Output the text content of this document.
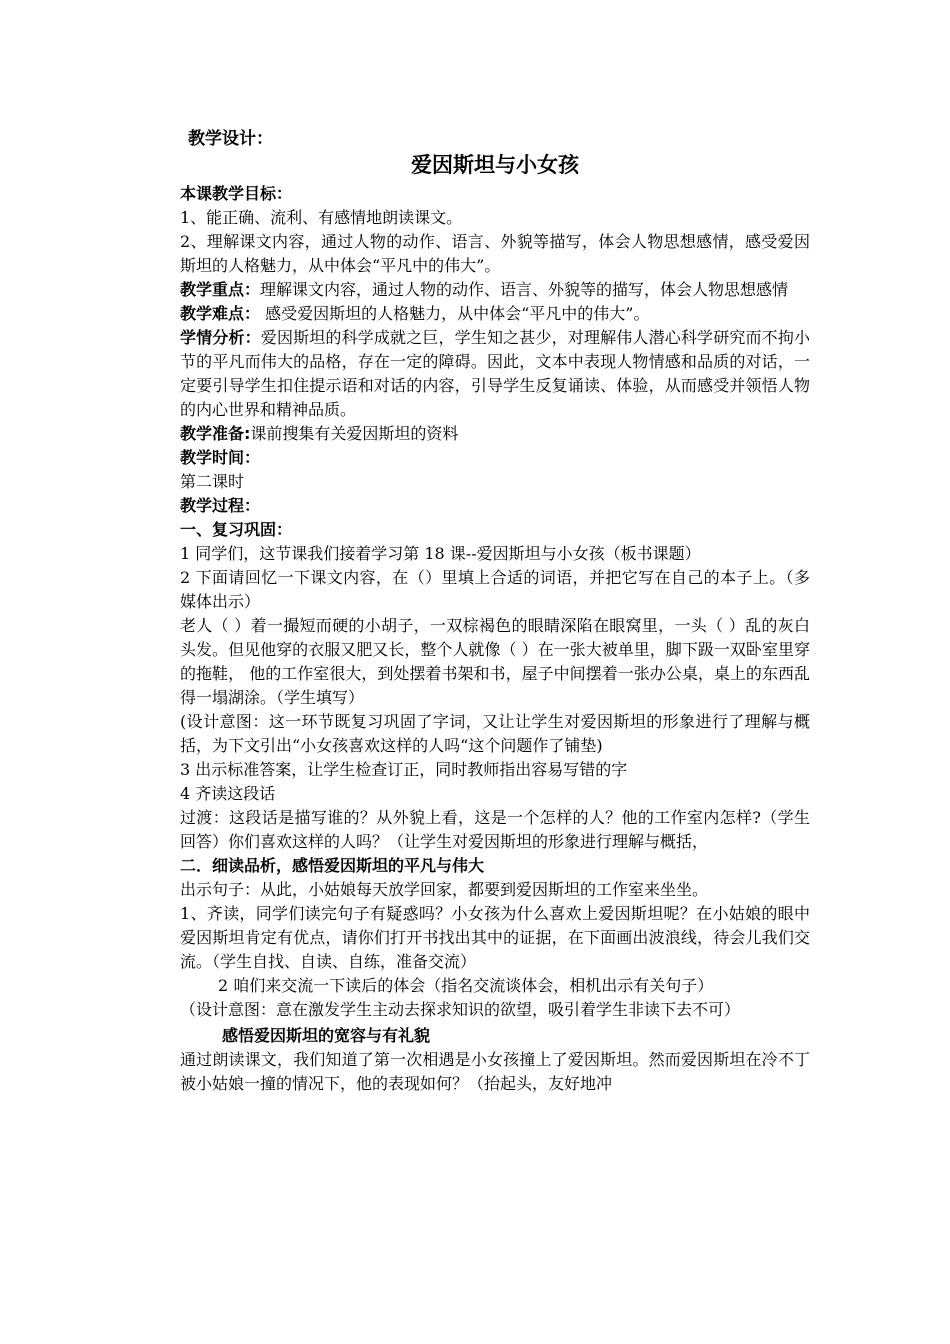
教学设计：
爱因斯坦与小女孩

本课教学目标：

1、能正确、流利、有感情地朗读课文。

2、理解课文内容，通过人物的动作、语言、外貌等描写，体会人物思想感情，感受爱因斯坦的人格魅力，从中体会“平凡中的伟大”。

教学重点：理解课文内容，通过人物的动作、语言、外貌等的描写，体会人物思想感情

教学难点： 感受爱因斯坦的人格魅力，从中体会“平凡中的伟大”。

学情分析：爱因斯坦的科学成就之巨，学生知之甚少，对理解伟人潜心科学研究而不拘小节的平凡而伟大的品格，存在一定的障碍。因此，文本中表现人物情感和品质的对话，一定要引导学生扣住提示语和对话的内容，引导学生反复诵读、体验，从而感受并领悟人物的内心世界和精神品质。

教学准备:课前搜集有关爱因斯坦的资料

教学时间：

第二课时

教学过程：

一、复习巩固：

1 同学们，这节课我们接着学习第 18 课--爱因斯坦与小女孩（板书课题）

2 下面请回忆一下课文内容，在（）里填上合适的词语，并把它写在自己的本子上。（多媒体出示）

老人（ ）着一撮短而硬的小胡子，一双棕褐色的眼睛深陷在眼窝里，一头（ ）乱的灰白头发。但见他穿的衣服又肥又长，整个人就像（ ）在一张大被单里，脚下趿一双卧室里穿的拖鞋， 他的工作室很大，到处摆着书架和书，屋子中间摆着一张办公桌，桌上的东西乱得一塌湖涂。（学生填写）

(设计意图：这一环节既复习巩固了字词，又让让学生对爱因斯坦的形象进行了理解与概括，为下文引出“小女孩喜欢这样的人吗“这个问题作了铺垫)

3 出示标准答案，让学生检查订正，同时教师指出容易写错的字

4 齐读这段话

过渡：这段话是描写谁的？从外貌上看，这是一个怎样的人？他的工作室内怎样?（学生回答）你们喜欢这样的人吗？（让学生对爱因斯坦的形象进行理解与概括，

二．细读品析，感悟爱因斯坦的平凡与伟大

出示句子：从此，小姑娘每天放学回家，都要到爱因斯坦的工作室来坐坐。

1、齐读，同学们读完句子有疑惑吗？小女孩为什么喜欢上爱因斯坦呢？在小姑娘的眼中爱因斯坦肯定有优点，请你们打开书找出其中的证据，在下面画出波浪线，待会儿我们交流。（学生自找、自读、自练，准备交流）

2 咱们来交流一下读后的体会（指名交流谈体会，相机出示有关句子）

（设计意图：意在激发学生主动去探求知识的欲望，吸引着学生非读下去不可）

感悟爱因斯坦的宽容与有礼貌

通过朗读课文，我们知道了第一次相遇是小女孩撞上了爱因斯坦。然而爱因斯坦在冷不丁被小姑娘一撞的情况下，他的表现如何？（抬起头，友好地冲
